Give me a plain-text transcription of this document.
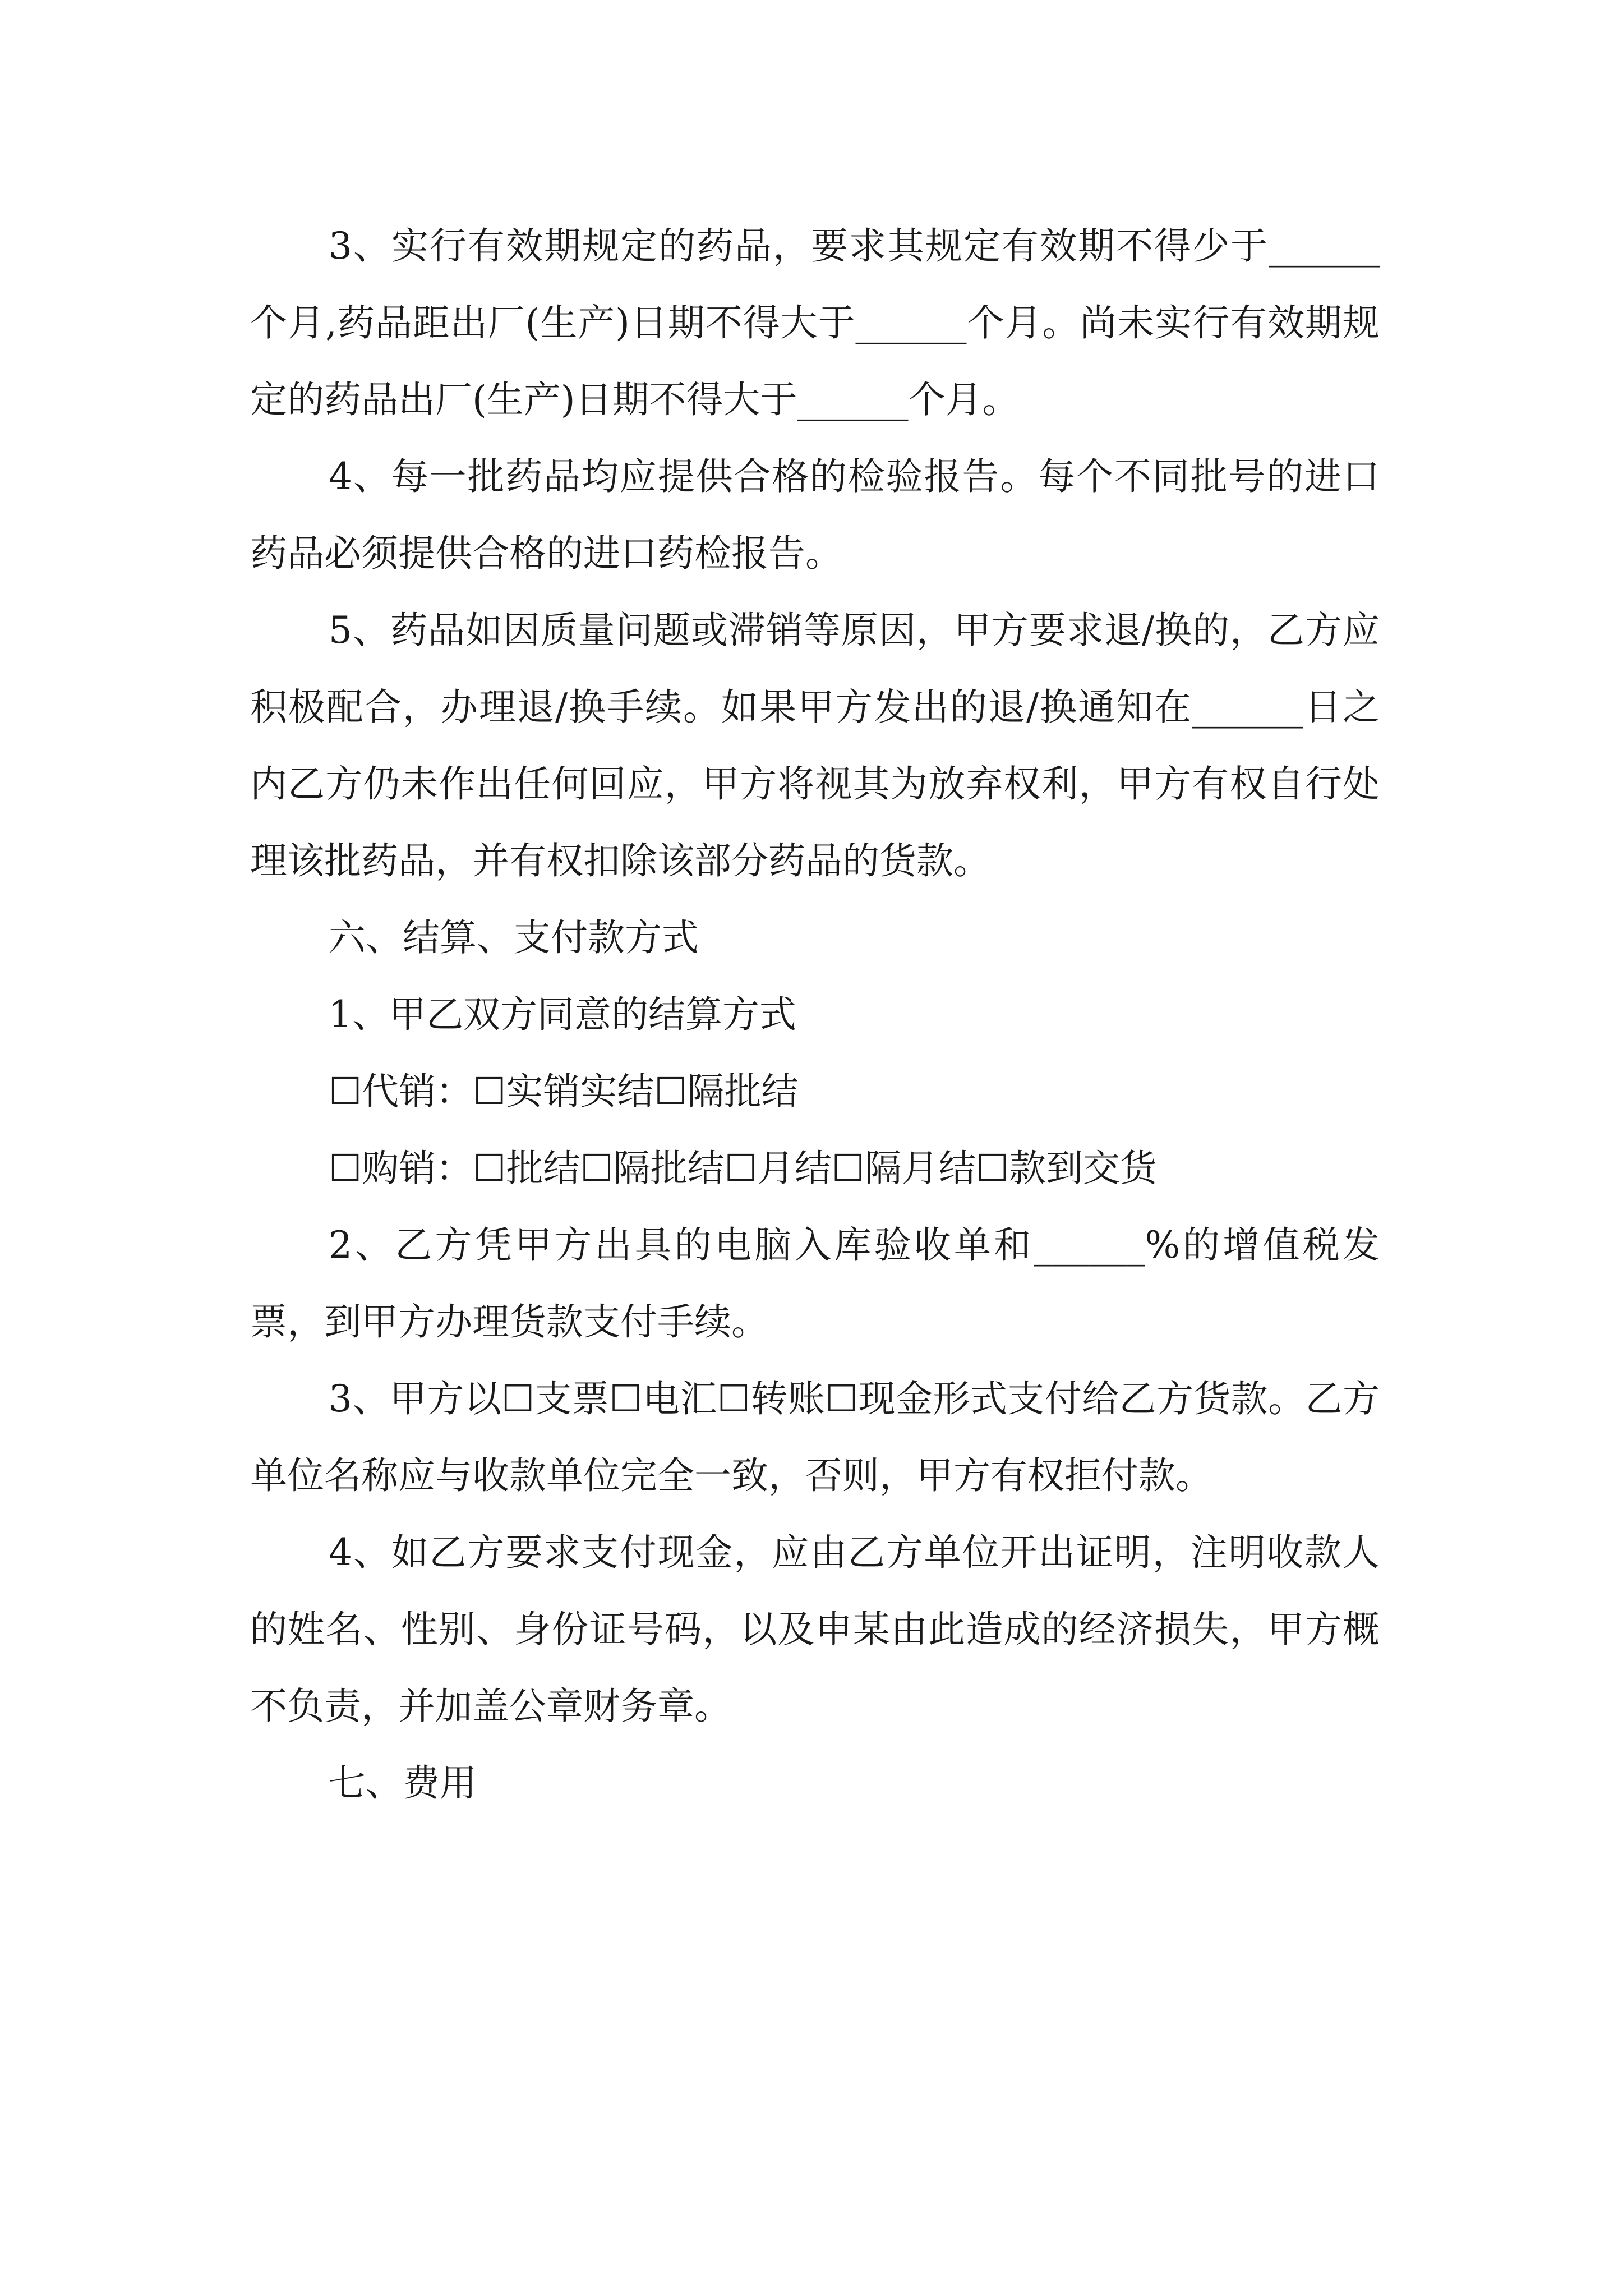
3、实行有效期规定的药品，要求其规定有效期不得少于______个月,药品距出厂(生产)日期不得大于______个月。尚未实行有效期规定的药品出厂(生产)日期不得大于______个月。

4、每一批药品均应提供合格的检验报告。每个不同批号的进口药品必须提供合格的进口药检报告。

5、药品如因质量问题或滞销等原因，甲方要求退/换的，乙方应积极配合，办理退/换手续。如果甲方发出的退/换通知在______日之内乙方仍未作出任何回应，甲方将视其为放弃权利，甲方有权自行处理该批药品，并有权扣除该部分药品的货款。

六、结算、支付款方式

1、甲乙双方同意的结算方式

☐代销：☐实销实结☐隔批结

☐购销：☐批结☐隔批结☐月结☐隔月结☐款到交货

2、乙方凭甲方出具的电脑入库验收单和______%的增值税发票，到甲方办理货款支付手续。

3、甲方以☐支票☐电汇☐转账☐现金形式支付给乙方货款。乙方单位名称应与收款单位完全一致，否则，甲方有权拒付款。

4、如乙方要求支付现金，应由乙方单位开出证明，注明收款人的姓名、性别、身份证号码，以及申某由此造成的经济损失，甲方概不负责，并加盖公章财务章。

七、费用
